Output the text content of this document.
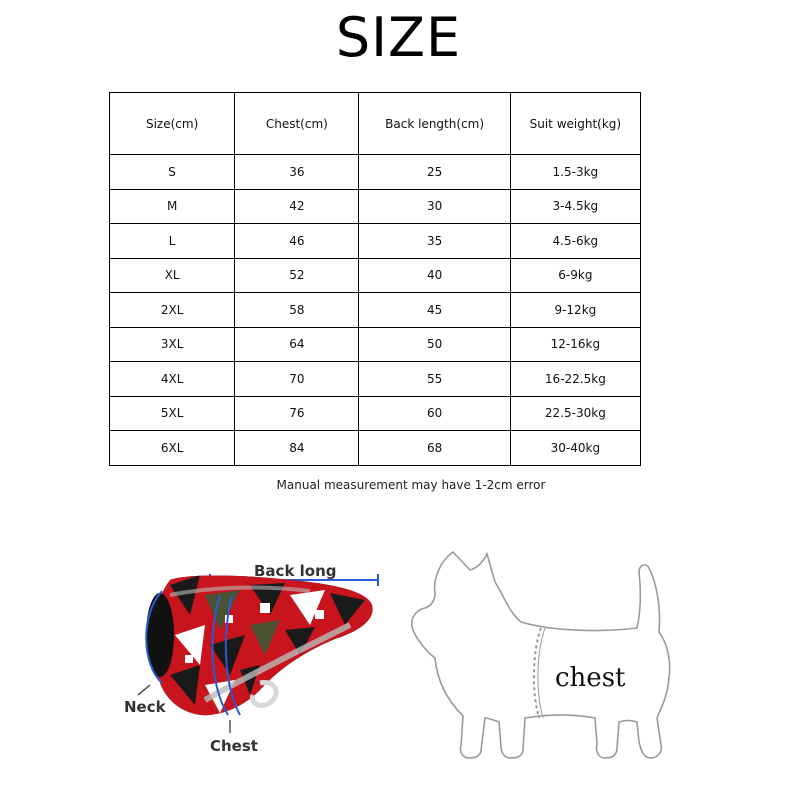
SIZE
Size(cm)	Chest(cm)	Back length(cm)	Suit weight(kg)
S	36	25	1.5-3kg
M	42	30	3-4.5kg
L	46	35	4.5-6kg
XL	52	40	6-9kg
2XL	58	45	9-12kg
3XL	64	50	12-16kg
4XL	70	55	16-22.5kg
5XL	76	60	22.5-30kg
6XL	84	68	30-40kg
Manual measurement may have 1-2cm error
Back long
Neck
Chest
chest
